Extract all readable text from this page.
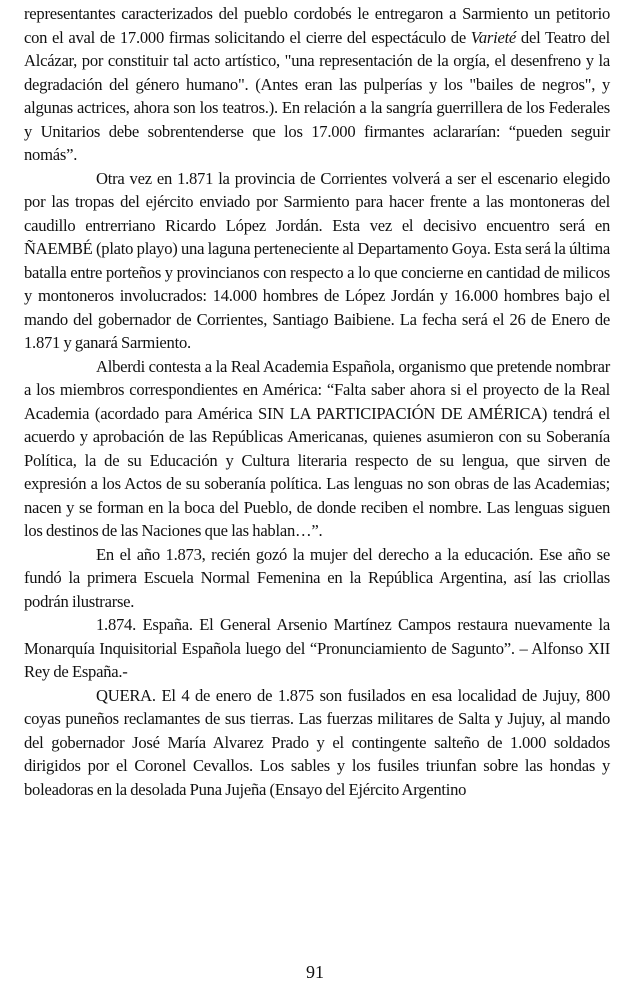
representantes caracterizados del pueblo cordobés le entregaron a Sarmiento un petitorio con el aval de 17.000 firmas solicitando el cierre del espectáculo de Varieté del Teatro del Alcázar, por constituir tal acto artístico, "una representación de la orgía, el desenfreno y la degradación del género humano". (Antes eran las pulperías y los "bailes de negros", y algunas actrices, ahora son los teatros.). En relación a la sangría guerrillera de los Federales y Unitarios debe sobrentenderse que los 17.000 firmantes aclararían: “pueden seguir nomás”.

Otra vez en 1.871 la provincia de Corrientes volverá a ser el escenario elegido por las tropas del ejército enviado por Sarmiento para hacer frente a las montoneras del caudillo entrerriano Ricardo López Jordán. Esta vez el decisivo encuentro será en ÑAEMBÉ (plato playo) una laguna perteneciente al Departamento Goya. Esta será la última batalla entre porteños y provincianos con respecto a lo que concierne en cantidad de milicos y montoneros involucrados: 14.000 hombres de López Jordán y 16.000 hombres bajo el mando del gobernador de Corrientes, Santiago Baibiene. La fecha será el 26 de Enero de 1.871 y ganará Sarmiento.

Alberdi contesta a la Real Academia Española, organismo que pretende nombrar a los miembros correspondientes en América: “Falta saber ahora si el proyecto de la Real Academia (acordado para América SIN LA PARTICIPACIÓN DE AMÉRICA) tendrá el acuerdo y aprobación de las Repúblicas Americanas, quienes asumieron con su Soberanía Política, la de su Educación y Cultura literaria respecto de su lengua, que sirven de expresión a los Actos de su soberanía política. Las lenguas no son obras de las Academias; nacen y se forman en la boca del Pueblo, de donde reciben el nombre. Las lenguas siguen los destinos de las Naciones que las hablan…”.

En el año 1.873, recién gozó la mujer del derecho a la educación. Ese año se fundó la primera Escuela Normal Femenina en la República Argentina, así las criollas podrán ilustrarse.

1.874. España. El General Arsenio Martínez Campos restaura nuevamente la Monarquía Inquisitorial Española luego del “Pronunciamiento de Sagunto”. – Alfonso XII Rey de España.-

QUERA. El 4 de enero de 1.875 son fusilados en esa localidad de Jujuy, 800 coyas puneños reclamantes de sus tierras. Las fuerzas militares de Salta y Jujuy, al mando del gobernador José María Alvarez Prado y el contingente salteño de 1.000 soldados dirigidos por el Coronel Cevallos. Los sables y los fusiles triunfan sobre las hondas y boleadoras en la desolada Puna Jujeña (Ensayo del Ejército Argentino

91
